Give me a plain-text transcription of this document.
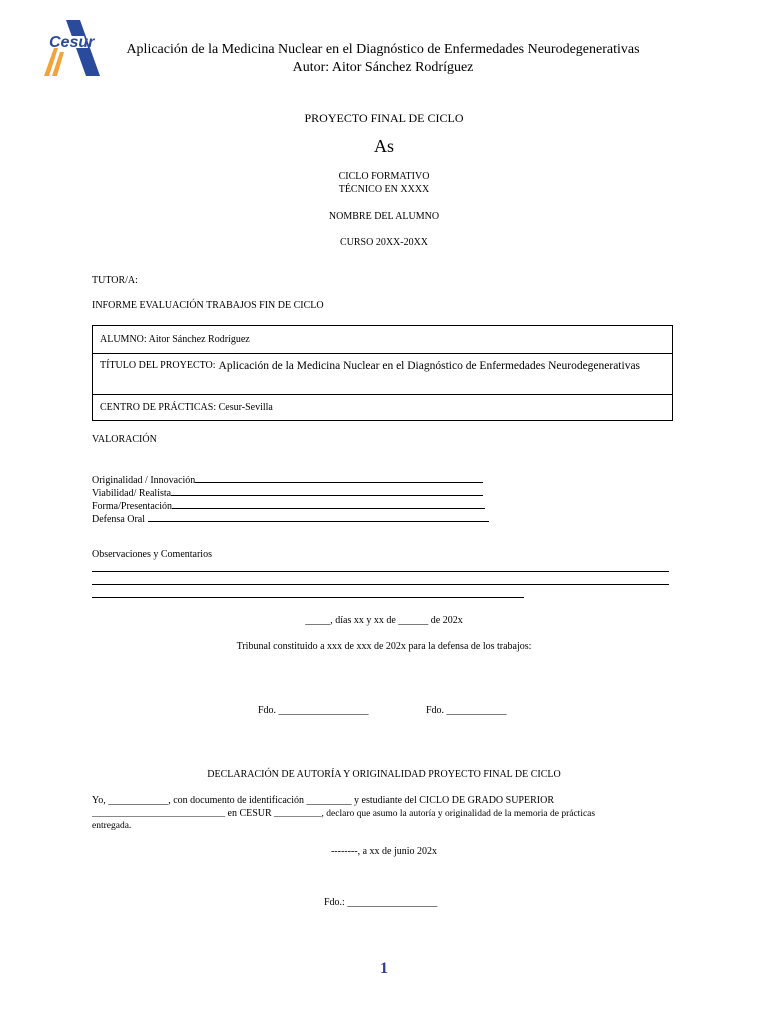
Cesur	Aplicación de la Medicina Nuclear en el Diagnóstico de Enfermedades Neurodegenerativas
Autor: Aitor Sánchez Rodríguez
PROYECTO FINAL DE CICLO
As
CICLO FORMATIVO
TÉCNICO EN XXXX
NOMBRE DEL ALUMNO
CURSO 20XX-20XX
TUTOR/A:
INFORME EVALUACIÓN TRABAJOS FIN DE CICLO
ALUMNO: Aitor Sánchez Rodríguez
TÍTULO DEL PROYECTO: Aplicación de la Medicina Nuclear en el Diagnóstico de Enfermedades Neurodegenerativas
CENTRO DE PRÁCTICAS: Cesur-Sevilla
VALORACIÓN
Originalidad / Innovación
Viabilidad/ Realista
Forma/Presentación
Defensa Oral
Observaciones y Comentarios
_____, días xx y xx de ______ de 202x
Tribunal constituido a xxx de xxx de 202x para la defensa de los trabajos:
Fdo. __________________	Fdo. ____________
DECLARACIÓN DE AUTORÍA Y ORIGINALIDAD PROYECTO FINAL DE CICLO
Yo, ____________, con documento de identificación _________ y estudiante del CICLO DE GRADO SUPERIOR
____________________________ en CESUR __________, declaro que asumo la autoría y originalidad de la memoria de prácticas
entregada.
--------, a xx de junio 202x
Fdo.: __________________
1
